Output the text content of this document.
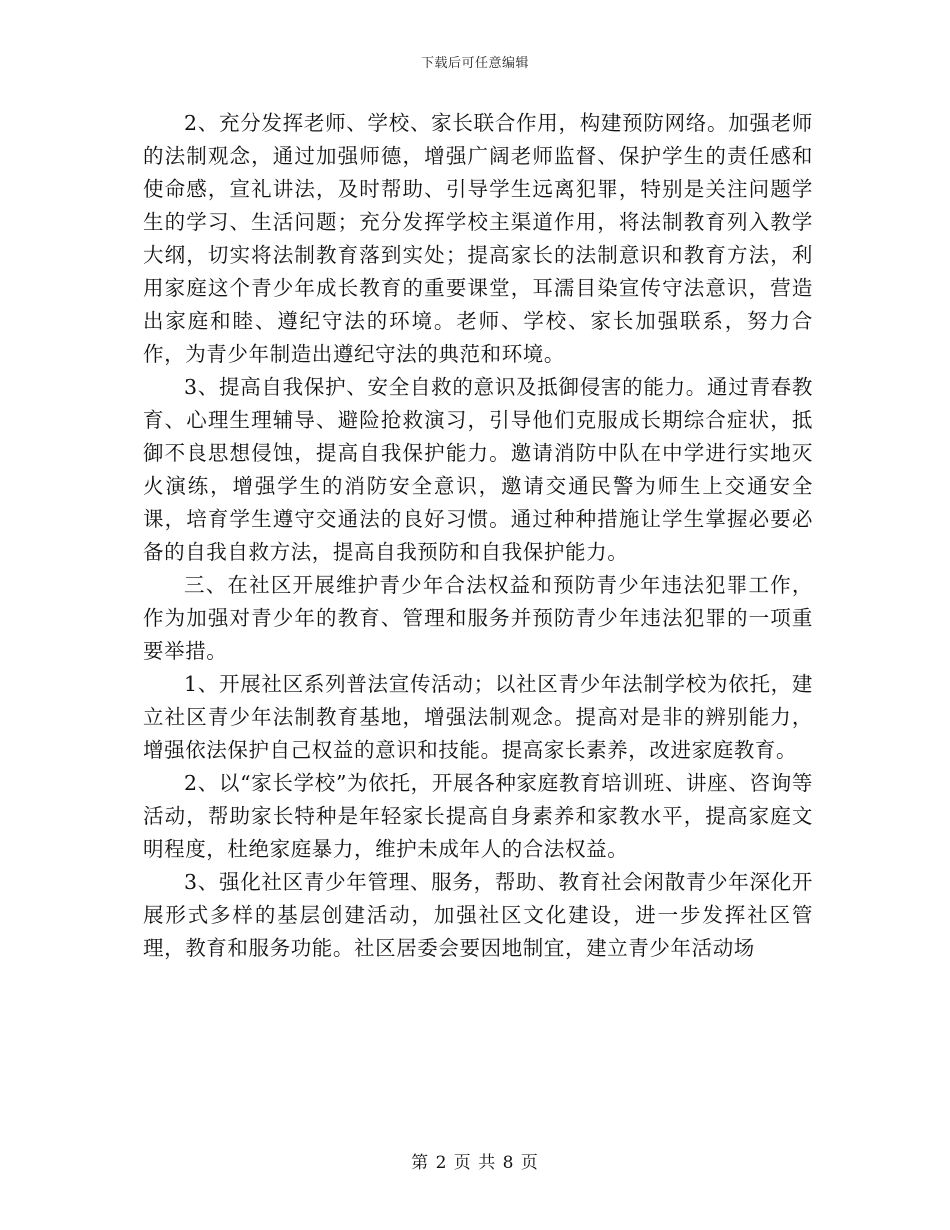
下载后可任意编辑

2、充分发挥老师、学校、家长联合作用，构建预防网络。加强老师的法制观念，通过加强师德，增强广阔老师监督、保护学生的责任感和使命感，宣礼讲法，及时帮助、引导学生远离犯罪，特别是关注问题学生的学习、生活问题；充分发挥学校主渠道作用，将法制教育列入教学大纲，切实将法制教育落到实处；提高家长的法制意识和教育方法，利用家庭这个青少年成长教育的重要课堂，耳濡目染宣传守法意识，营造出家庭和睦、遵纪守法的环境。老师、学校、家长加强联系，努力合作，为青少年制造出遵纪守法的典范和环境。

3、提高自我保护、安全自救的意识及抵御侵害的能力。通过青春教育、心理生理辅导、避险抢救演习，引导他们克服成长期综合症状，抵御不良思想侵蚀，提高自我保护能力。邀请消防中队在中学进行实地灭火演练，增强学生的消防安全意识，邀请交通民警为师生上交通安全课，培育学生遵守交通法的良好习惯。通过种种措施让学生掌握必要必备的自我自救方法，提高自我预防和自我保护能力。

三、在社区开展维护青少年合法权益和预防青少年违法犯罪工作，作为加强对青少年的教育、管理和服务并预防青少年违法犯罪的一项重要举措。

1、开展社区系列普法宣传活动；以社区青少年法制学校为依托，建立社区青少年法制教育基地，增强法制观念。提高对是非的辨别能力，增强依法保护自己权益的意识和技能。提高家长素养，改进家庭教育。

2、以“家长学校”为依托，开展各种家庭教育培训班、讲座、咨询等活动，帮助家长特种是年轻家长提高自身素养和家教水平，提高家庭文明程度，杜绝家庭暴力，维护未成年人的合法权益。

3、强化社区青少年管理、服务，帮助、教育社会闲散青少年深化开展形式多样的基层创建活动，加强社区文化建设，进一步发挥社区管理，教育和服务功能。社区居委会要因地制宜，建立青少年活动场

第 2 页 共 8 页
